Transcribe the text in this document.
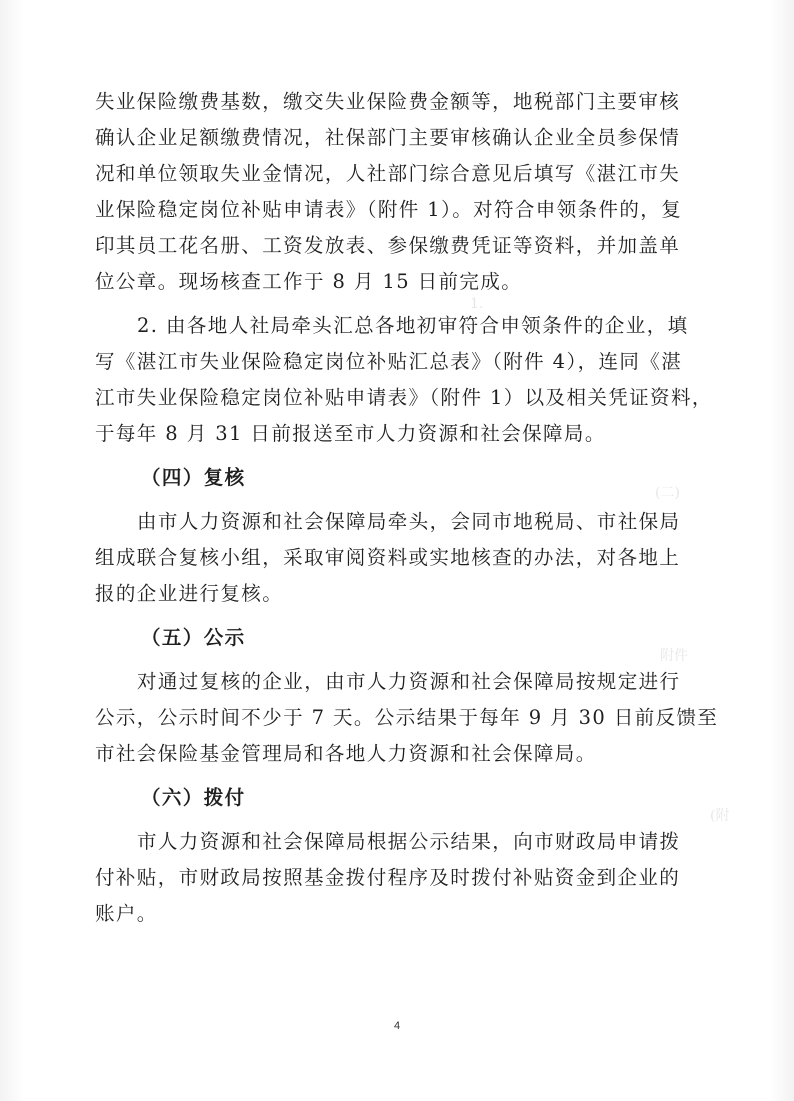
1.
(二)
附件
(附
失业保险缴费基数，缴交失业保险费金额等，地税部门主要审核
确认企业足额缴费情况，社保部门主要审核确认企业全员参保情
况和单位领取失业金情况，人社部门综合意见后填写《湛江市失
业保险稳定岗位补贴申请表》（附件 1）。对符合申领条件的，复
印其员工花名册、工资发放表、参保缴费凭证等资料，并加盖单
位公章。现场核查工作于 8 月 15 日前完成。
2. 由各地人社局牵头汇总各地初审符合申领条件的企业，填
写《湛江市失业保险稳定岗位补贴汇总表》（附件 4），连同《湛
江市失业保险稳定岗位补贴申请表》（附件 1）以及相关凭证资料，
于每年 8 月 31 日前报送至市人力资源和社会保障局。
（四）复核
由市人力资源和社会保障局牵头，会同市地税局、市社保局
组成联合复核小组，采取审阅资料或实地核查的办法，对各地上
报的企业进行复核。
（五）公示
对通过复核的企业，由市人力资源和社会保障局按规定进行
公示，公示时间不少于 7 天。公示结果于每年 9 月 30 日前反馈至
市社会保险基金管理局和各地人力资源和社会保障局。
（六）拨付
市人力资源和社会保障局根据公示结果，向市财政局申请拨
付补贴，市财政局按照基金拨付程序及时拨付补贴资金到企业的
账户。
4
